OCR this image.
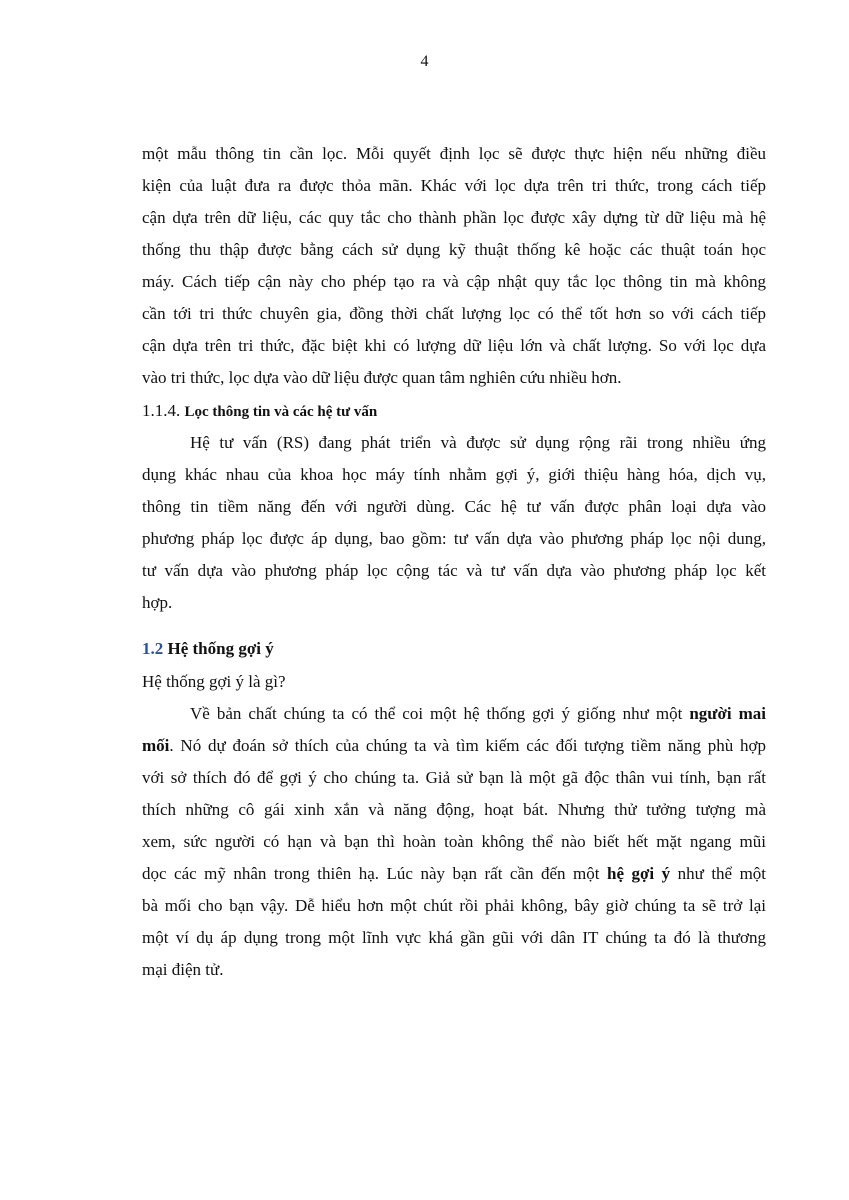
4
một mẫu thông tin cần lọc. Mỗi quyết định lọc sẽ được thực hiện nếu những điều
kiện của luật đưa ra được thỏa mãn. Khác với lọc dựa trên tri thức, trong cách tiếp
cận dựa trên dữ liệu, các quy tắc cho thành phần lọc được xây dựng từ dữ liệu mà hệ
thống thu thập được bằng cách sử dụng kỹ thuật thống kê hoặc các thuật toán học
máy. Cách tiếp cận này cho phép tạo ra và cập nhật quy tắc lọc thông tin mà không
cần tới tri thức chuyên gia, đồng thời chất lượng lọc có thể tốt hơn so với cách tiếp
cận dựa trên tri thức, đặc biệt khi có lượng dữ liệu lớn và chất lượng. So với lọc dựa
vào tri thức, lọc dựa vào dữ liệu được quan tâm nghiên cứu nhiều hơn.
1.1.4. Lọc thông tin và các hệ tư vấn
Hệ tư vấn (RS) đang phát triển và được sử dụng rộng rãi trong nhiều ứng
dụng khác nhau của khoa học máy tính nhằm gợi ý, giới thiệu hàng hóa, dịch vụ,
thông tin tiềm năng đến với người dùng. Các hệ tư vấn được phân loại dựa vào
phương pháp lọc được áp dụng, bao gồm: tư vấn dựa vào phương pháp lọc nội dung,
tư vấn dựa vào phương pháp lọc cộng tác và tư vấn dựa vào phương pháp lọc kết
hợp.
1.2 Hệ thống gợi ý
Hệ thống gợi ý là gì?
Về bản chất chúng ta có thể coi một hệ thống gợi ý giống như một người mai
mối. Nó dự đoán sở thích của chúng ta và tìm kiếm các đối tượng tiềm năng phù hợp
với sở thích đó để gợi ý cho chúng ta. Giả sử bạn là một gã độc thân vui tính, bạn rất
thích những cô gái xinh xắn và năng động, hoạt bát. Nhưng thử tưởng tượng mà
xem, sức người có hạn và bạn thì hoàn toàn không thể nào biết hết mặt ngang mũi
dọc các mỹ nhân trong thiên hạ. Lúc này bạn rất cần đến một hệ gợi ý như thể một
bà mối cho bạn vậy. Dễ hiểu hơn một chút rồi phải không, bây giờ chúng ta sẽ trở lại
một ví dụ áp dụng trong một lĩnh vực khá gần gũi với dân IT chúng ta đó là thương
mại điện tử.
